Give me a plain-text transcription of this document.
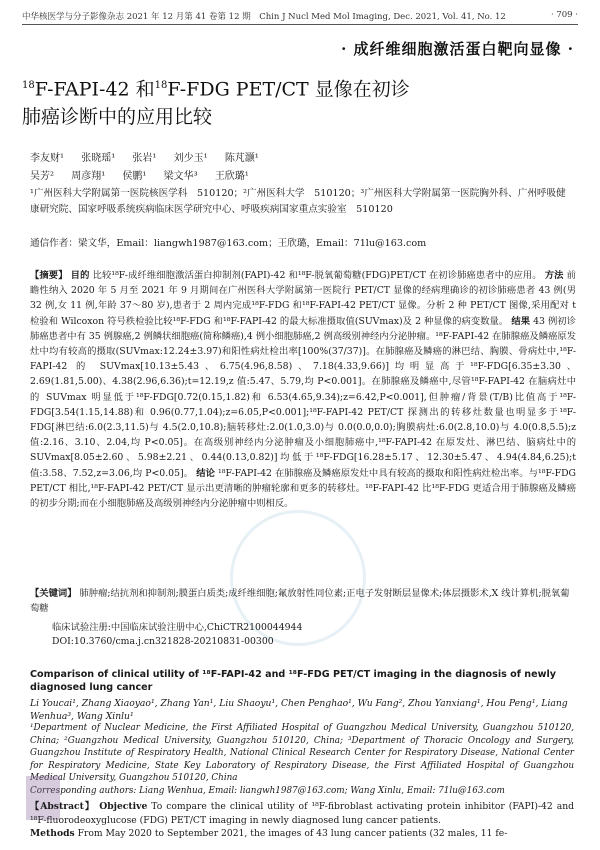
中华核医学与分子影像杂志 2021 年 12 月第 41 卷第 12 期　Chin J Nucl Med Mol Imaging, Dec. 2021, Vol. 41, No. 12	· 709 ·
· 成纤维细胞激活蛋白靶向显像 ·
$^{18}$F-FAPI-42 和$^{18}$F-FDG PET/CT 显像在初诊
肺癌诊断中的应用比较
李友财¹ 张晓瑶¹ 张岩¹ 刘少玉¹ 陈芃灏¹
吴芳² 周彦翔¹ 侯鹏¹ 梁文华³ 王欣璐¹
¹广州医科大学附属第一医院核医学科　510120；²广州医科大学　510120；³广州医科大学附属第一医院胸外科、广州呼吸健康研究院、国家呼吸系统疾病临床医学研究中心、呼吸疾病国家重点实验室　510120
通信作者：梁文华，Email：liangwh1987@163.com；王欣璐，Email：71lu@163.com
【摘要】 目的 比较¹⁸F-成纤维细胞激活蛋白抑制剂(FAPI)-42 和¹⁸F-脱氧葡萄糖(FDG)PET/CT 在初诊肺癌患者中的应用。 方法 前瞻性纳入 2020 年 5 月至 2021 年 9 月期间在广州医科大学附属第一医院行 PET/CT 显像的经病理确诊的初诊肺癌患者 43 例(男 32 例,女 11 例,年龄 37～80 岁),患者于 2 周内完成¹⁸F-FDG 和¹⁸F-FAPI-42 PET/CT 显像。分析 2 种 PET/CT 图像,采用配对 t 检验和 Wilcoxon 符号秩检验比较¹⁸F-FDG 和¹⁸F-FAPI-42 的最大标准摄取值(SUVmax)及 2 种显像的病变数量。 结果 43 例初诊肺癌患者中有 35 例腺癌,2 例鳞状细胞癌(简称鳞癌),4 例小细胞肺癌,2 例高级别神经内分泌肿瘤。¹⁸F-FAPI-42 在肺腺癌及鳞癌原发灶中均有较高的摄取(SUVmax:12.24±3.97)和阳性病灶检出率[100%(37/37)]。在肺腺癌及鳞癌的淋巴结、胸膜、骨病灶中,¹⁸F-FAPI-42 的 SUVmax[10.13±5.43、6.75(4.96,8.58)、7.18(4.33,9.66)]均明显高于¹⁸F-FDG[6.35±3.30、2.69(1.81,5.00)、4.38(2.96,6.36);t=12.19,z 值:5.47、5.79,均 P<0.001]。在肺腺癌及鳞癌中,尽管¹⁸F-FAPI-42 在脑病灶中的 SUVmax 明显低于¹⁸F-FDG[0.72(0.15,1.82)和 6.53(4.65,9.34);z=6.42,P<0.001],但肿瘤/背景(T/B)比值高于¹⁸F-FDG[3.54(1.15,14.88)和 0.96(0.77,1.04);z=6.05,P<0.001];¹⁸F-FAPI-42 PET/CT 探测出的转移灶数量也明显多于¹⁸F-FDG[淋巴结:6.0(2.3,11.5)与 4.5(2.0,10.8);脑转移灶:2.0(1.0,3.0)与 0.0(0.0,0.0);胸膜病灶:6.0(2.8,10.0)与 4.0(0.8,5.5);z 值:2.16、3.10、2.04,均 P<0.05]。在高级别神经内分泌肿瘤及小细胞肺癌中,¹⁸F-FAPI-42 在原发灶、淋巴结、脑病灶中的 SUVmax[8.05±2.60、5.98±2.21、0.44(0.13,0.82)]均低于¹⁸F-FDG[16.28±5.17、12.30±5.47、4.94(4.84,6.25);t 值:3.58、7.52,z=3.06,均 P<0.05]。 结论 ¹⁸F-FAPI-42 在肺腺癌及鳞癌原发灶中具有较高的摄取和阳性病灶检出率。与¹⁸F-FDG PET/CT 相比,¹⁸F-FAPI-42 PET/CT 显示出更清晰的肿瘤轮廓和更多的转移灶。¹⁸F-FAPI-42 比¹⁸F-FDG 更适合用于肺腺癌及鳞癌的初步分期;而在小细胞肺癌及高级别神经内分泌肿瘤中则相反。
【关键词】 肺肿瘤;结抗剂和抑制剂;膜蛋白质类;成纤维细胞;氟放射性同位素;正电子发射断层显像术;体层摄影术,X 线计算机;脱氧葡萄糖
临床试验注册:中国临床试验注册中心,ChiCTR2100044944
DOI:10.3760/cma.j.cn321828-20210831-00300
Comparison of clinical utility of ¹⁸F-FAPI-42 and ¹⁸F-FDG PET/CT imaging in the diagnosis of newly diagnosed lung cancer
Li Youcai¹, Zhang Xiaoyao¹, Zhang Yan¹, Liu Shaoyu¹, Chen Penghao¹, Wu Fang², Zhou Yanxiang¹, Hou Peng¹, Liang Wenhua³, Wang Xinlu¹
¹Department of Nuclear Medicine, the First Affiliated Hospital of Guangzhou Medical University, Guangzhou 510120, China; ²Guangzhou Medical University, Guangzhou 510120, China; ³Department of Thoracic Oncology and Surgery, Guangzhou Institute of Respiratory Health, National Clinical Research Center for Respiratory Disease, National Center for Respiratory Medicine, State Key Laboratory of Respiratory Disease, the First Affiliated Hospital of Guangzhou Medical University, Guangzhou 510120, China
Corresponding authors: Liang Wenhua, Email: liangwh1987@163.com; Wang Xinlu, Email: 71lu@163.com
【Abstract】 Objective To compare the clinical utility of ¹⁸F-fibroblast activating protein inhibitor (FAPI)-42 and ¹⁸F-fluorodeoxyglucose (FDG) PET/CT imaging in newly diagnosed lung cancer patients.
Methods From May 2020 to September 2021, the images of 43 lung cancer patients (32 males, 11 fe-
